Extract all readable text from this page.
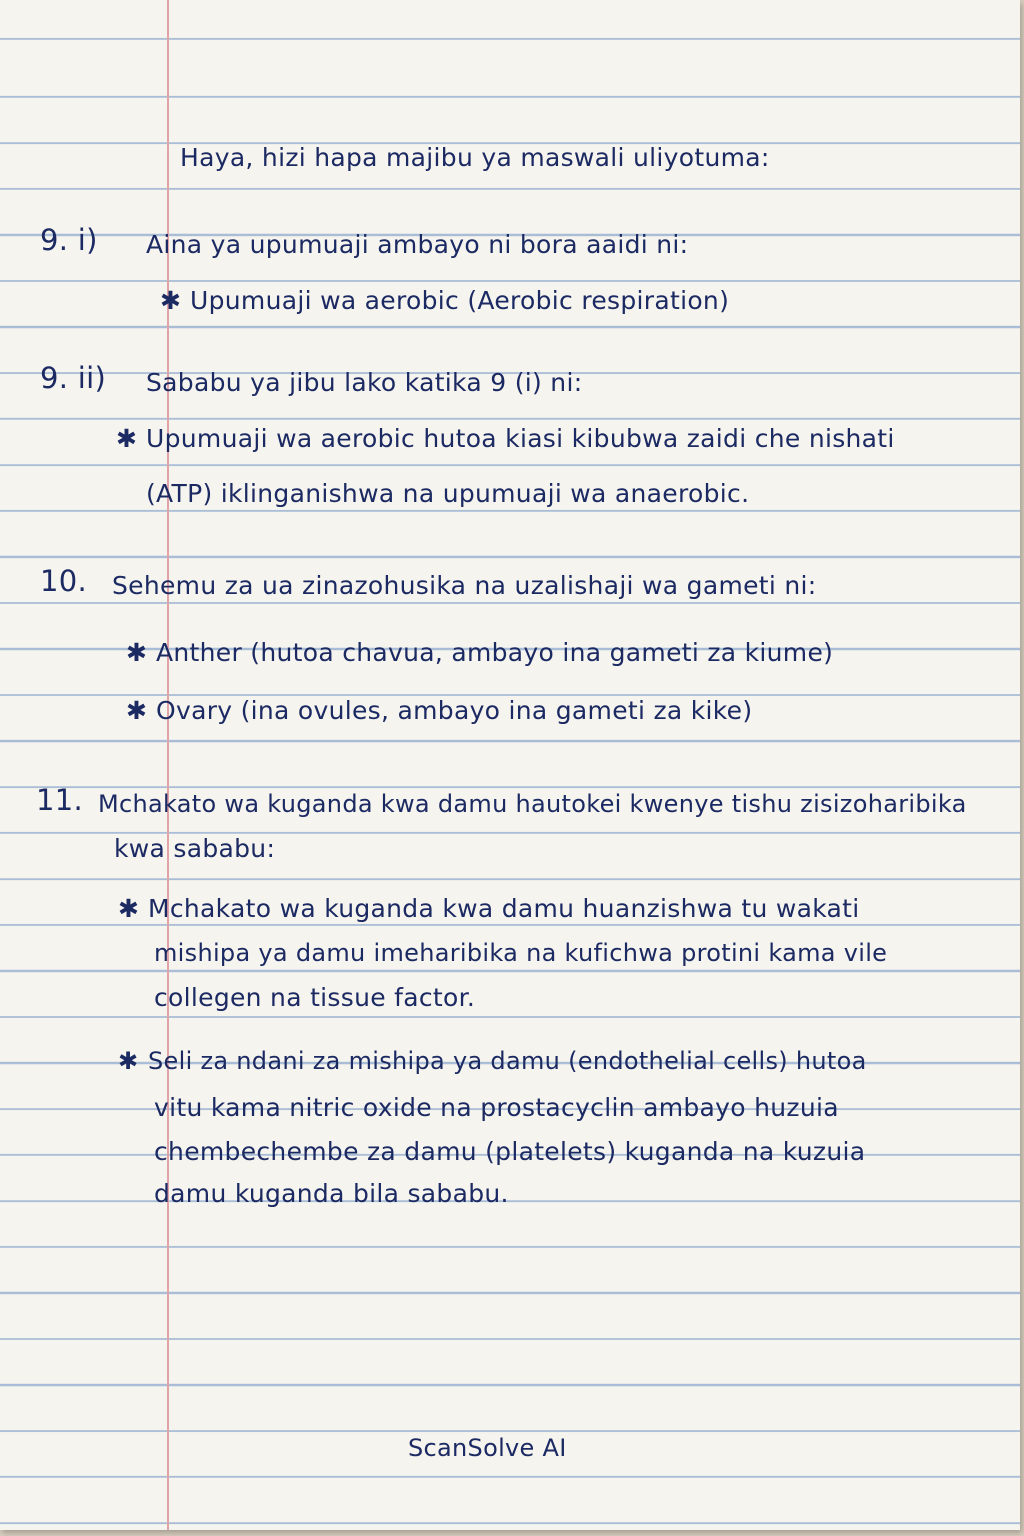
Haya, hizi hapa majibu ya maswali uliyotuma:
9. i) Aina ya upumuaji ambayo ni bora aaidi ni:
✱ Upumuaji wa aerobic (Aerobic respiration)
9. ii) Sababu ya jibu lako katika 9 (i) ni:
✱ Upumuaji wa aerobic hutoa kiasi kibubwa zaidi che nishati
(ATP) iklinganishwa na upumuaji wa anaerobic.
10. Sehemu za ua zinazohusika na uzalishaji wa gameti ni:
✱ Anther (hutoa chavua, ambayo ina gameti za kiume)
✱ Ovary (ina ovules, ambayo ina gameti za kike)
11. Mchakato wa kuganda kwa damu hautokei kwenye tishu zisizoharibika
kwa sababu:
✱ Mchakato wa kuganda kwa damu huanzishwa tu wakati
mishipa ya damu imeharibika na kufichwa protini kama vile
collegen na tissue factor.
✱ Seli za ndani za mishipa ya damu (endothelial cells) hutoa
vitu kama nitric oxide na prostacyclin ambayo huzuia
chembechembe za damu (platelets) kuganda na kuzuia
damu kuganda bila sababu.
ScanSolve AI
